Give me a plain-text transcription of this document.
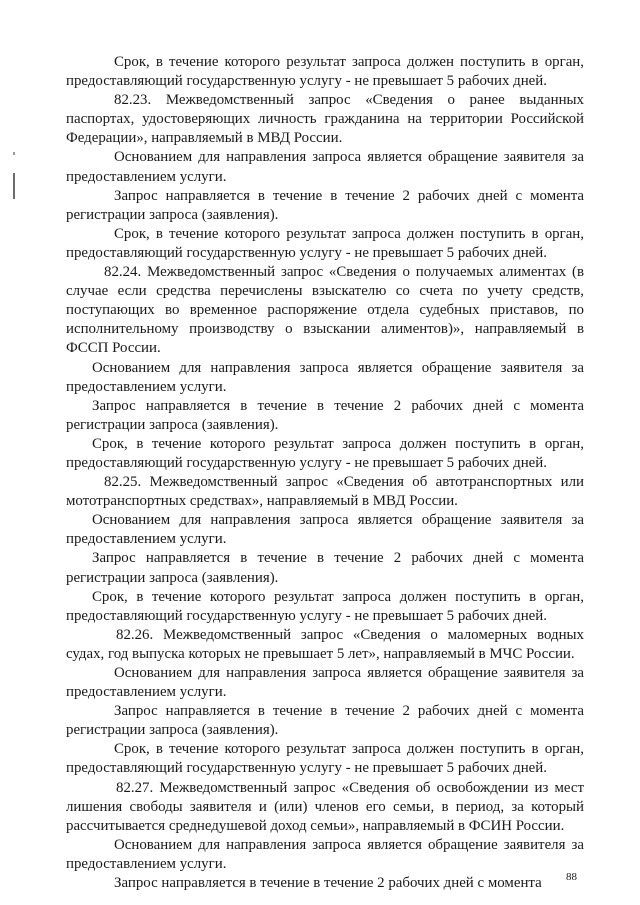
Срок, в течение которого результат запроса должен поступить в орган, предоставляющий государственную услугу - не превышает 5 рабочих дней.

82.23. Межведомственный запрос «Сведения о ранее выданных паспортах, удостоверяющих личность гражданина на территории Российской Федерации», направляемый в МВД России.

Основанием для направления запроса является обращение заявителя за предоставлением услуги.

Запрос направляется в течение в течение 2 рабочих дней с момента регистрации запроса (заявления).

Срок, в течение которого результат запроса должен поступить в орган, предоставляющий государственную услугу - не превышает 5 рабочих дней.

82.24. Межведомственный запрос «Сведения о получаемых алиментах (в случае если средства перечислены взыскателю со счета по учету средств, поступающих во временное распоряжение отдела судебных приставов, по исполнительному производству о взыскании алиментов)», направляемый в ФССП России.

Основанием для направления запроса является обращение заявителя за предоставлением услуги.

Запрос направляется в течение в течение 2 рабочих дней с момента регистрации запроса (заявления).

Срок, в течение которого результат запроса должен поступить в орган, предоставляющий государственную услугу - не превышает 5 рабочих дней.

82.25. Межведомственный запрос «Сведения об автотранспортных или мототранспортных средствах», направляемый в МВД России.

Основанием для направления запроса является обращение заявителя за предоставлением услуги.

Запрос направляется в течение в течение 2 рабочих дней с момента регистрации запроса (заявления).

Срок, в течение которого результат запроса должен поступить в орган, предоставляющий государственную услугу - не превышает 5 рабочих дней.

82.26. Межведомственный запрос «Сведения о маломерных водных судах, год выпуска которых не превышает 5 лет», направляемый в МЧС России.

Основанием для направления запроса является обращение заявителя за предоставлением услуги.

Запрос направляется в течение в течение 2 рабочих дней с момента регистрации запроса (заявления).

Срок, в течение которого результат запроса должен поступить в орган, предоставляющий государственную услугу - не превышает 5 рабочих дней.

82.27. Межведомственный запрос «Сведения об освобождении из мест лишения свободы заявителя и (или) членов его семьи, в период, за который рассчитывается среднедушевой доход семьи», направляемый в ФСИН России.

Основанием для направления запроса является обращение заявителя за предоставлением услуги.

Запрос направляется в течение в течение 2 рабочих дней с момента	88
